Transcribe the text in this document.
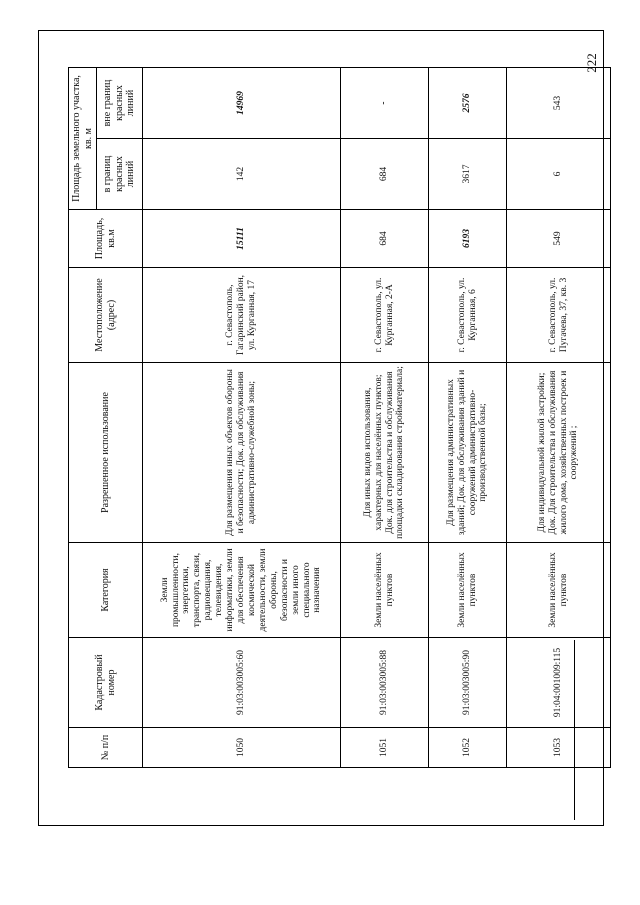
222
№ п/п	Кадастровый номер	Категория	Разрешенное использование	Местоположение (адрес)	Площадь, кв.м	Площадь земельного участка, кв. м	
						в границ красных линий	вне границ красных линий
1050	91:03:003005:60	Земли промышленности, энергетики, транспорта, связи, радиовещания, телевидения, информатики, земли для обеспечения космической деятельности, земли обороны, безопасности и земли иного специального назначения	Для размещения иных объектов обороны и безопасности; Док. для обслуживания административно-служебной зоны;	г. Севастополь, Гагаринский район, ул. Курганная, 17	15111	142	14969
1051	91:03:003005:88	Земли населённых пунктов	Для иных видов использования, характерных для населённых пунктов; Док. для строительства и обслуживания площадки складирования стройматериала;	г. Севастополь, ул. Курганная, 2-А	684	684	-
1052	91:03:003005:90	Земли населённых пунктов	Для размещения административных зданий; Док. для обслуживания зданий и сооружений административно-производственной базы;	г. Севастополь, ул. Курганная, 6	6193	3617	2576
1053	91:04:001009:115	Земли населённых пунктов	Для индивидуальной жилой застройки; Док. Для строительства и обслуживания жилого дома, хозяйственных построек и сооружений ;	г. Севастополь, ул. Пугачева, 37, кв. 3	549	6	543
